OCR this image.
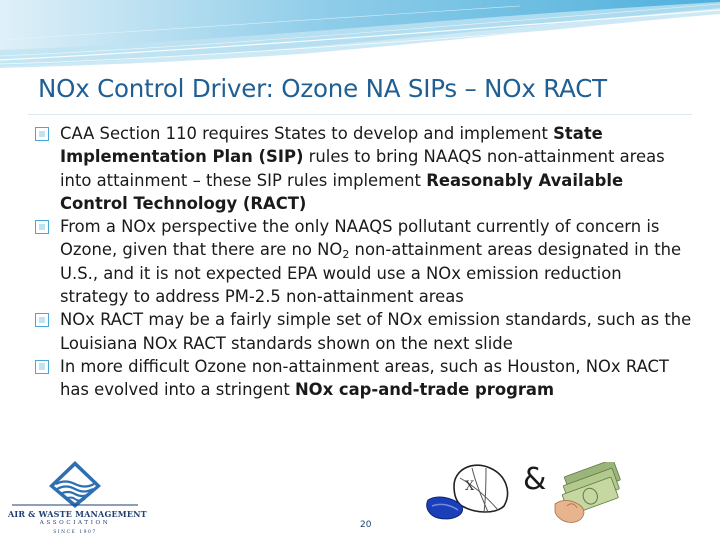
NOx Control Driver: Ozone NA SIPs – NOx RACT
CAA Section 110 requires States to develop and implement State Implementation Plan (SIP) rules to bring NAAQS non-attainment areas into attainment – these SIP rules implement Reasonably Available Control Technology (RACT)
From a NOx perspective the only NAAQS pollutant currently of concern is Ozone, given that there are no $NO_2$ non-attainment areas designated in the U.S., and it is not expected EPA would use a NOx emission reduction strategy to address PM-2.5 non-attainment areas
NOx RACT may be a fairly simple set of NOx emission standards, such as the Louisiana NOx RACT standards shown on the next slide
In more difficult Ozone non-attainment areas, such as Houston, NOx RACT has evolved into a stringent NOx cap-and-trade program
AIR & WASTE MANAGEMENT
ASSOCIATION
SINCE 1907
20
X &
